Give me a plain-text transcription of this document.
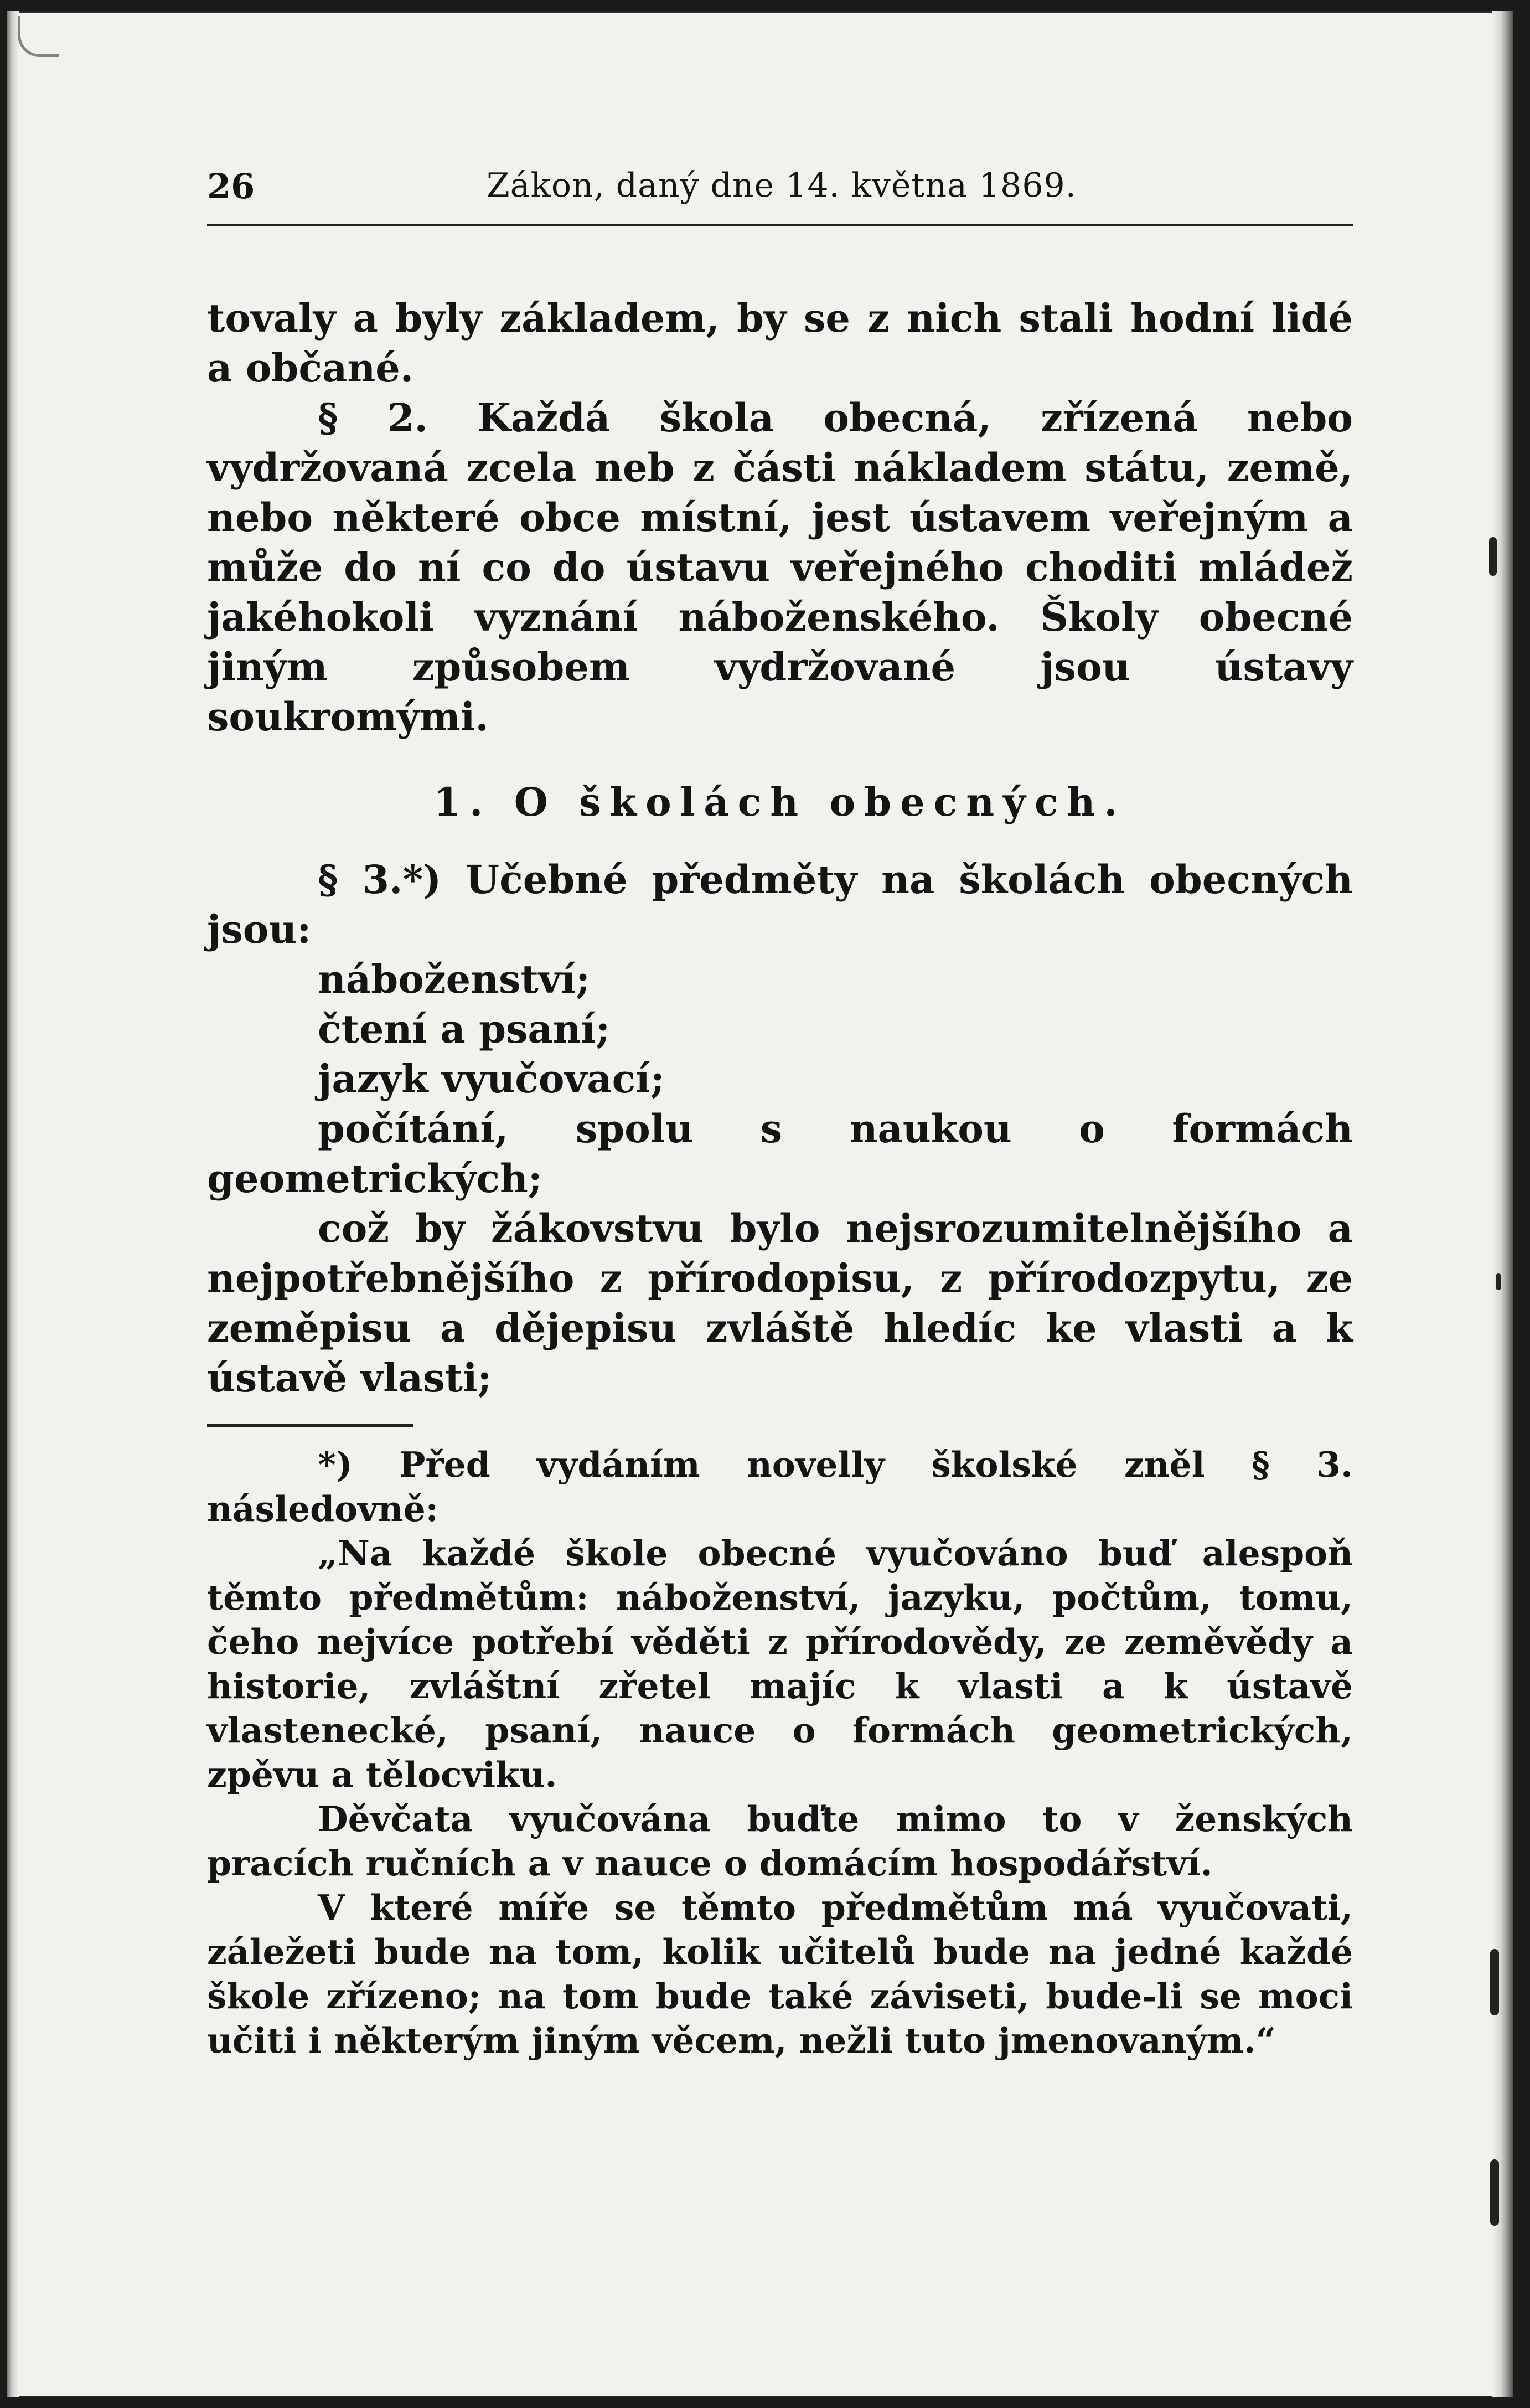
26	Zákon, daný dne 14. května 1869.

tovaly a byly základem, by se z nich stali hodní lidé a občané.

§ 2. Každá škola obecná, zřízená nebo vydržovaná zcela neb z části nákladem státu, země, nebo některé obce místní, jest ústavem veřejným a může do ní co do ústavu veřejného choditi mládež jakéhokoli vyznání náboženského. Školy obecné jiným způsobem vydržované jsou ústavy soukromými.

1. O školách obecných.

§ 3.*) Učebné předměty na školách obecných jsou:

náboženství;

čtení a psaní;

jazyk vyučovací;

počítání, spolu s naukou o formách geometrických;

což by žákovstvu bylo nejsrozumitelnějšího a nejpotřebnějšího z přírodopisu, z přírodozpytu, ze zeměpisu a dějepisu zvláště hledíc ke vlasti a k ústavě vlasti;

*) Před vydáním novelly školské zněl § 3. následovně:

„Na každé škole obecné vyučováno buď alespoň těmto předmětům: náboženství, jazyku, počtům, tomu, čeho nejvíce potřebí věděti z přírodovědy, ze zeměvědy a historie, zvláštní zřetel majíc k vlasti a k ústavě vlastenecké, psaní, nauce o formách geometrických, zpěvu a tělocviku.

Děvčata vyučována buďte mimo to v ženských pracích ručních a v nauce o domácím hospodářství.

V které míře se těmto předmětům má vyučovati, záležeti bude na tom, kolik učitelů bude na jedné každé škole zřízeno; na tom bude také záviseti, bude-li se moci učiti i některým jiným věcem, nežli tuto jmenovaným.“
